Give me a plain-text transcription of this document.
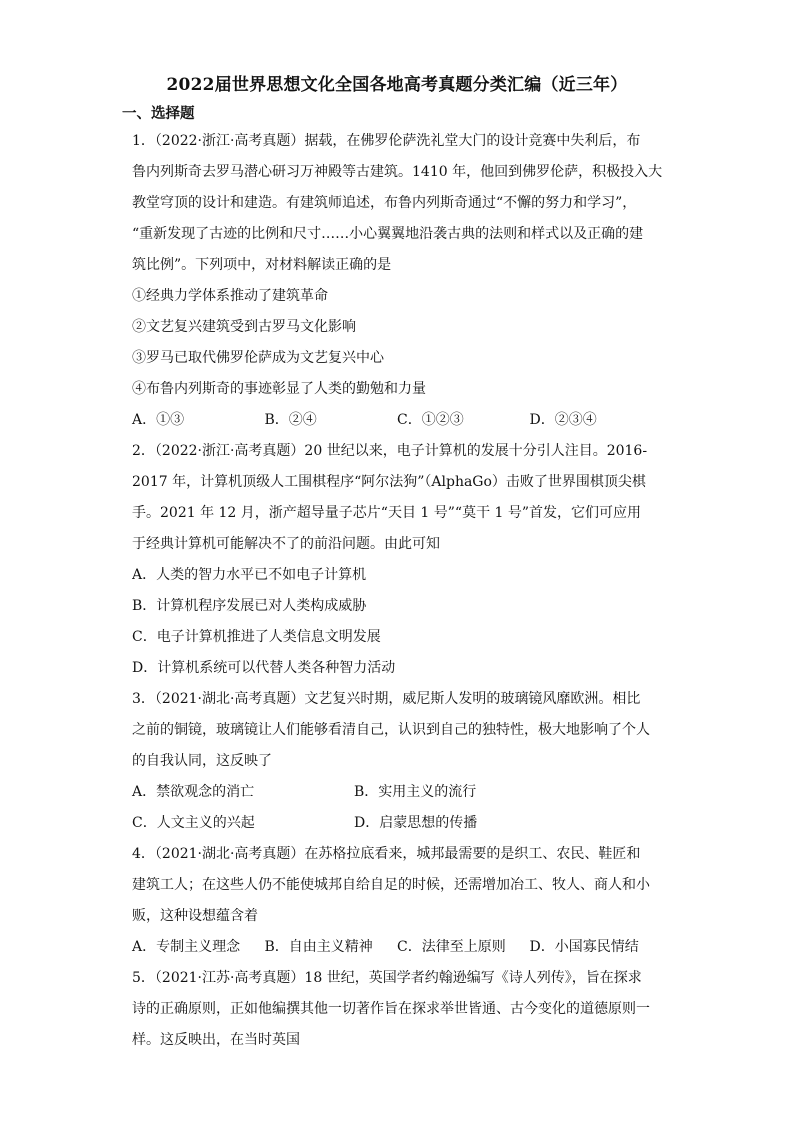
2022届世界思想文化全国各地高考真题分类汇编（近三年）
一、选择题
1．（2022·浙江·高考真题）据载，在佛罗伦萨洗礼堂大门的设计竞赛中失利后，布
鲁内列斯奇去罗马潜心研习万神殿等古建筑。1410 年，他回到佛罗伦萨，积极投入大
教堂穹顶的设计和建造。有建筑师追述，布鲁内列斯奇通过“不懈的努力和学习”，
“重新发现了古迹的比例和尺寸……小心翼翼地沿袭古典的法则和样式以及正确的建
筑比例”。下列项中，对材料解读正确的是
①经典力学体系推动了建筑革命
②文艺复兴建筑受到古罗马文化影响
③罗马已取代佛罗伦萨成为文艺复兴中心
④布鲁内列斯奇的事迹彰显了人类的勤勉和力量
A．①③	B．②④	C．①②③	D．②③④
2．（2022·浙江·高考真题）20 世纪以来，电子计算机的发展十分引人注目。2016-
2017 年，计算机顶级人工围棋程序“阿尔法狗”（AlphaGo）击败了世界围棋顶尖棋
手。2021 年 12 月，浙产超导量子芯片“天目 1 号”“莫干 1 号”首发，它们可应用
于经典计算机可能解决不了的前沿问题。由此可知
A．人类的智力水平已不如电子计算机
B．计算机程序发展已对人类构成威胁
C．电子计算机推进了人类信息文明发展
D．计算机系统可以代替人类各种智力活动
3．（2021·湖北·高考真题）文艺复兴时期，威尼斯人发明的玻璃镜风靡欧洲。相比
之前的铜镜，玻璃镜让人们能够看清自己，认识到自己的独特性，极大地影响了个人
的自我认同，这反映了
A．禁欲观念的消亡	B．实用主义的流行
C．人文主义的兴起	D．启蒙思想的传播
4．（2021·湖北·高考真题）在苏格拉底看来，城邦最需要的是织工、农民、鞋匠和
建筑工人；在这些人仍不能使城邦自给自足的时候，还需增加冶工、牧人、商人和小
贩，这种设想蕴含着
A．专制主义理念	B．自由主义精神	C．法律至上原则	D．小国寡民情结
5．（2021·江苏·高考真题）18 世纪，英国学者约翰逊编写《诗人列传》，旨在探求
诗的正确原则，正如他编撰其他一切著作旨在探求举世皆通、古今变化的道德原则一
样。这反映出，在当时英国
